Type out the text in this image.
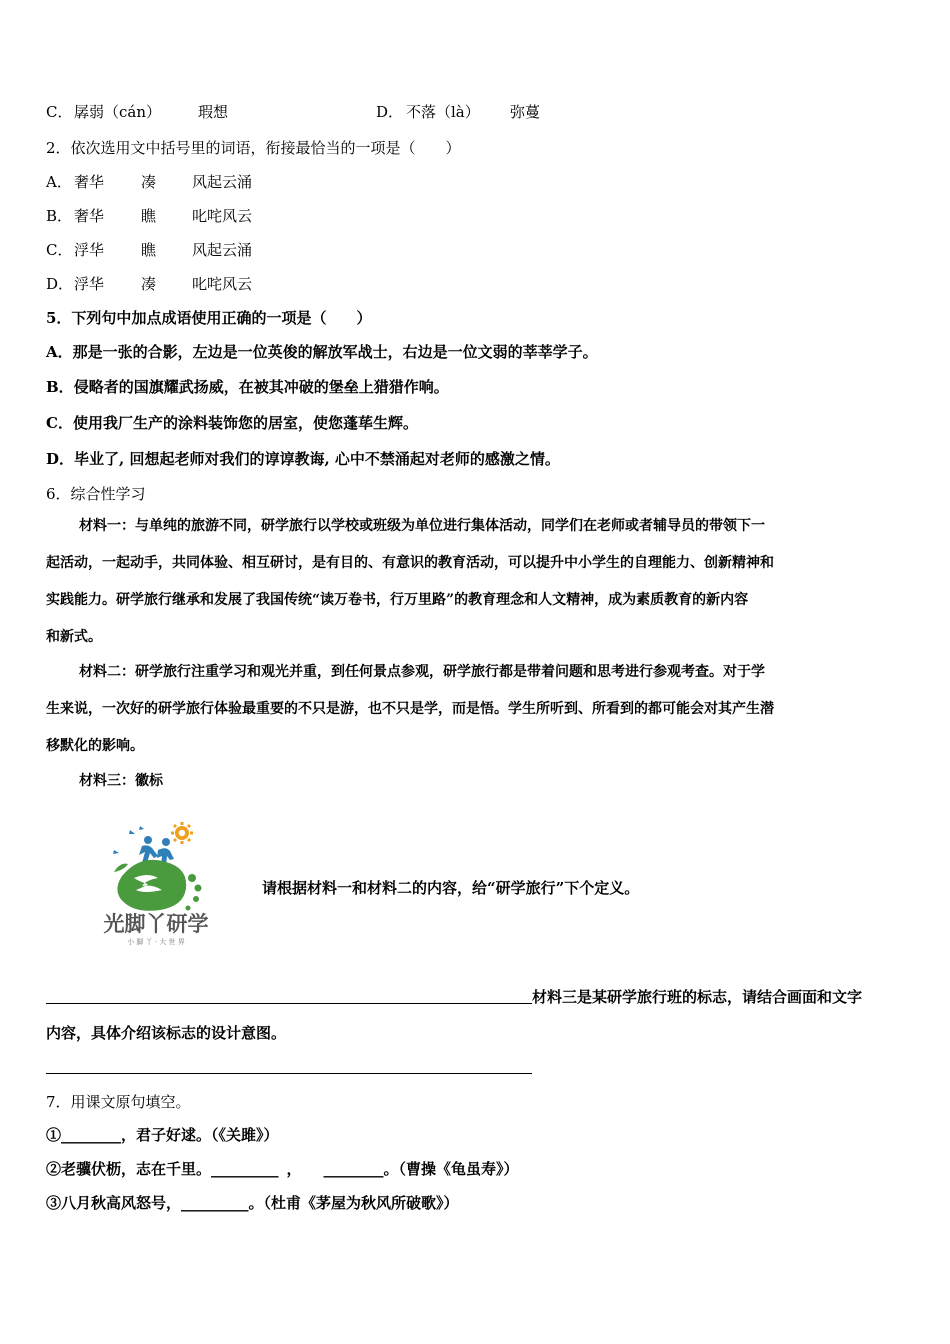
C． 孱弱（cán） 瑕想	D． 不落（là） 弥蔓
2．依次选用文中括号里的词语，衔接最恰当的一项是（　　）
A． 奢华 凑 风起云涌
B． 奢华 瞧 叱咤风云
C． 浮华 瞧 风起云涌
D． 浮华 凑 叱咤风云
5．下列句中加点成语使用正确的一项是（　　）
A．那是一张的合影，左边是一位英俊的解放军战士，右边是一位文弱的莘莘学子。
B．侵略者的国旗耀武扬威，在被其冲破的堡垒上猎猎作响。
C．使用我厂生产的涂料装饰您的居室，使您蓬荜生辉。
D．毕业了, 回想起老师对我们的谆谆教诲, 心中不禁涌起对老师的感激之情。
6．综合性学习
材料一：与单纯的旅游不同，研学旅行以学校或班级为单位进行集体活动，同学们在老师或者辅导员的带领下一
起活动，一起动手，共同体验、相互研讨，是有目的、有意识的教育活动，可以提升中小学生的自理能力、创新精神和
实践能力。研学旅行继承和发展了我国传统“读万卷书，行万里路”的教育理念和人文精神，成为素质教育的新内容
和新式。
材料二：研学旅行注重学习和观光并重，到任何景点参观，研学旅行都是带着问题和思考进行参观考查。对于学
生来说，一次好的研学旅行体验最重要的不只是游，也不只是学，而是悟。学生所听到、所看到的都可能会对其产生潜
移默化的影响。
材料三：徽标
光脚丫研学
小 脚 丫 · 大 世 界
请根据材料一和材料二的内容，给“研学旅行”下个定义。
材料三是某研学旅行班的标志，请结合画面和文字
内容，具体介绍该标志的设计意图。
7．用课文原句填空。
①________，君子好逑。（《关雎》）
②老骥伏枥，志在千里。_________ ， ________。（曹操《龟虽寿》）
③八月秋高风怒号，_________。（杜甫《茅屋为秋风所破歌》）
